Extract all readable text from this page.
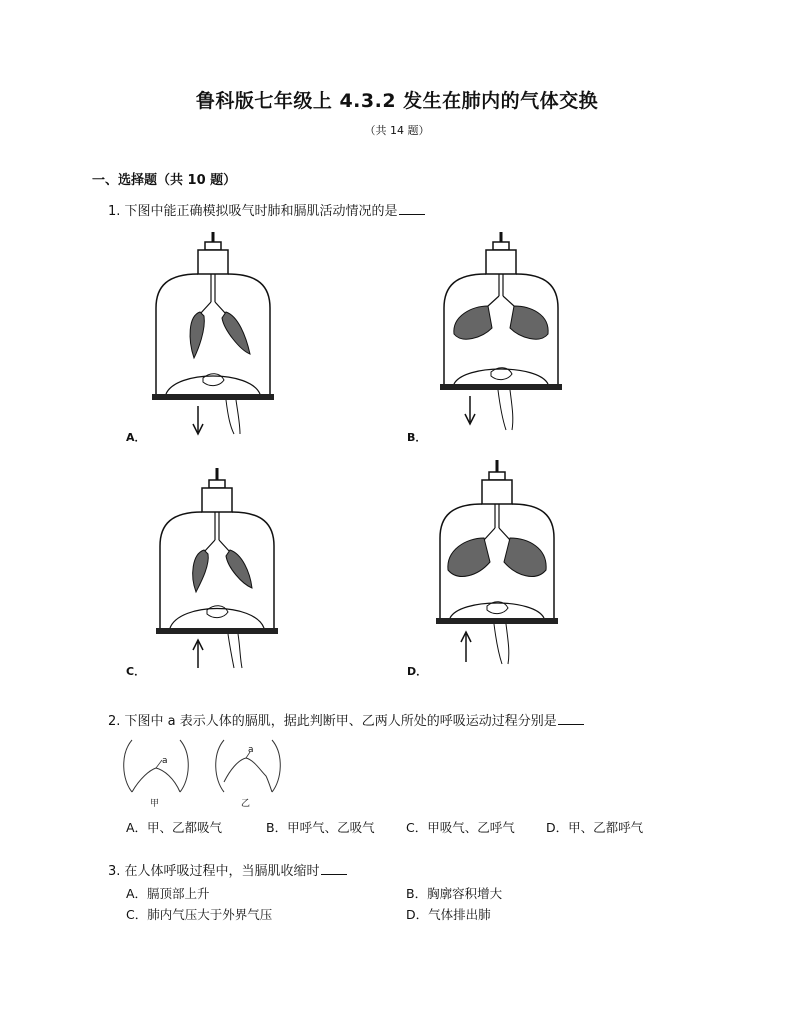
鲁科版七年级上 4.3.2 发生在肺内的气体交换
（共 14 题）
一、选择题（共 10 题）
1. 下图中能正确模拟吸气时肺和膈肌活动情况的是
A．	B．
C．	D．
2. 下图中 a 表示人体的膈肌，据此判断甲、乙两人所处的呼吸运动过程分别是
a
甲
a
乙
A．甲、乙都吸气	B．甲呼气、乙吸气	C．甲吸气、乙呼气	D．甲、乙都呼气
3. 在人体呼吸过程中，当膈肌收缩时
A．膈顶部上升	B．胸廓容积增大
C．肺内气压大于外界气压	D．气体排出肺
